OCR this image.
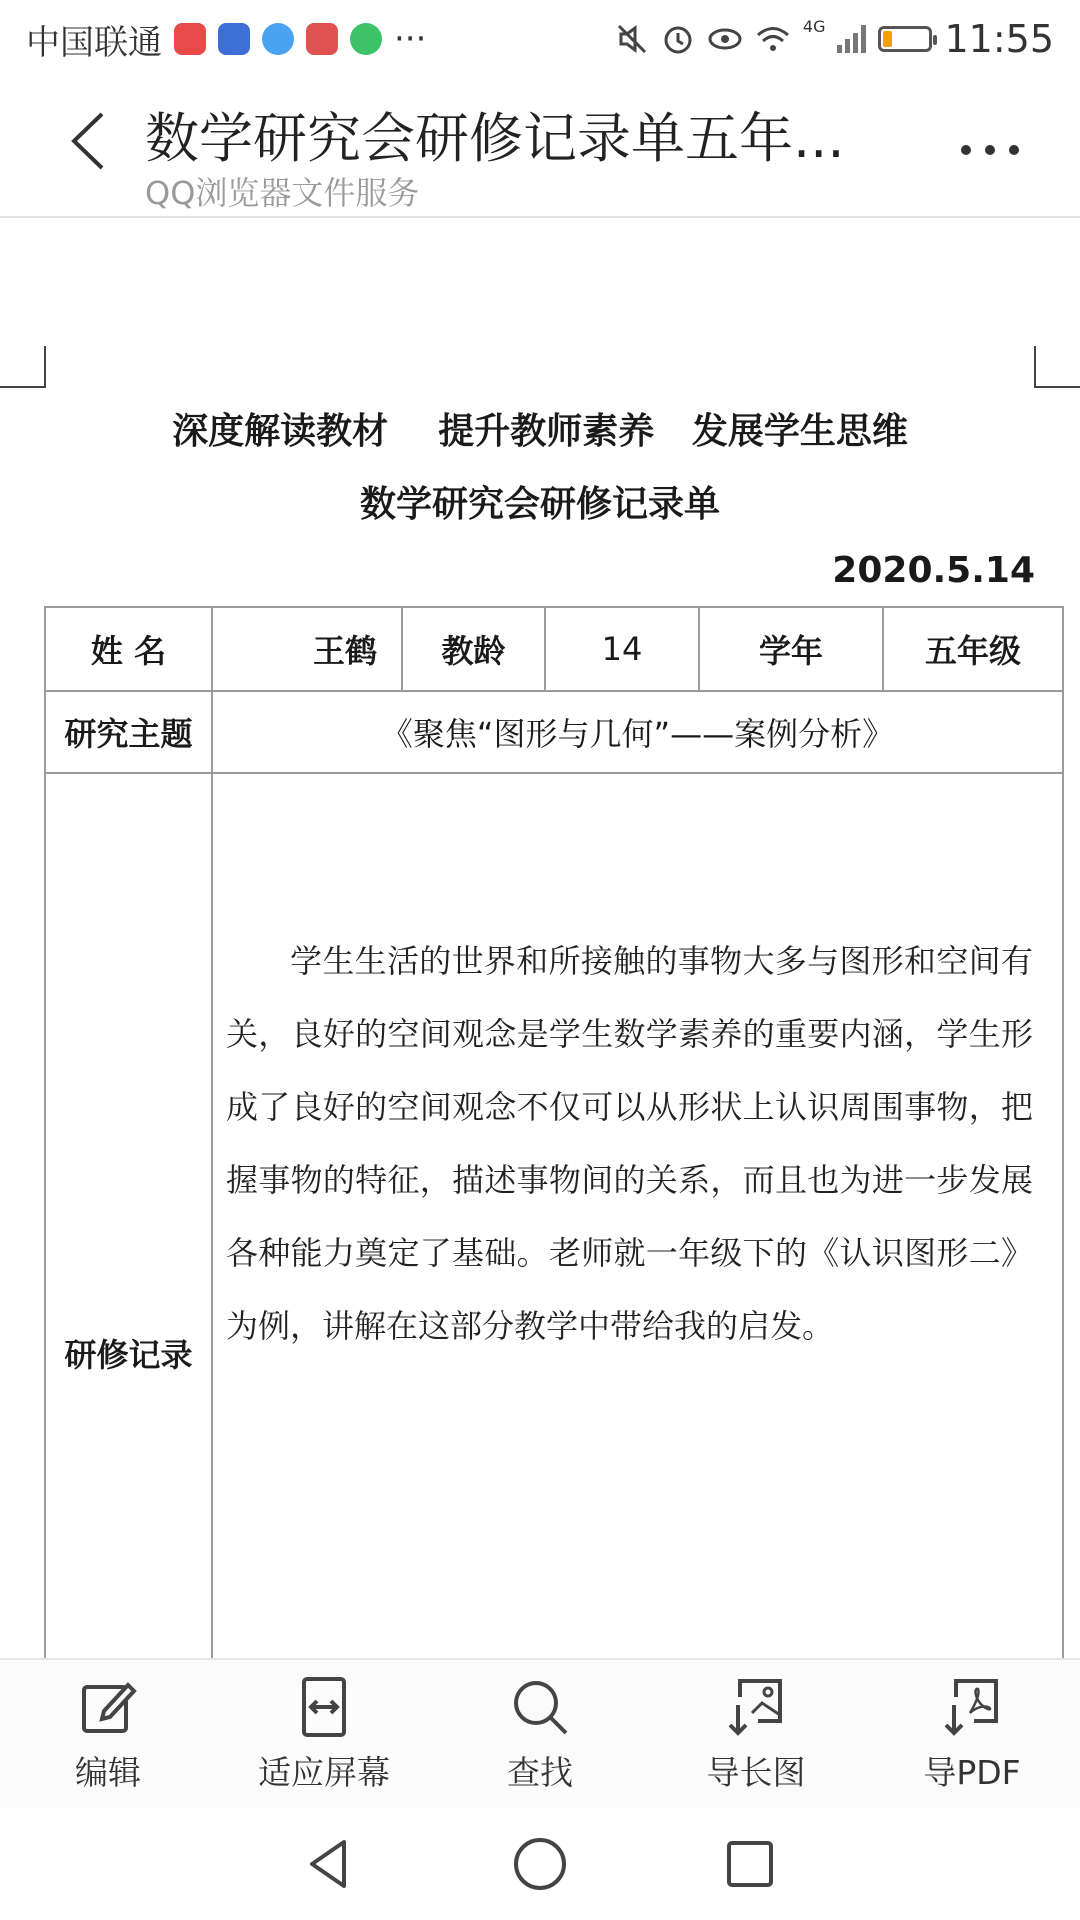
中国联通	···	4G	11:55
数学研究会研修记录单五年...
QQ浏览器文件服务
深度解读教材    提升教师素养   发展学生思维
数学研究会研修记录单
2020.5.14
姓 名	王鹤	教龄	14	学年	五年级
研究主题	《聚焦“图形与几何”——案例分析》				
研修记录	学生生活的世界和所接触的事物大多与图形和空间有关，良好的空间观念是学生数学素养的重要内涵，学生形成了良好的空间观念不仅可以从形状上认识周围事物，把握事物的特征，描述事物间的关系，而且也为进一步发展各种能力奠定了基础。老师就一年级下的《认识图形二》为例，讲解在这部分教学中带给我的启发。				
编辑	适应屏幕	查找	导长图	导PDF
